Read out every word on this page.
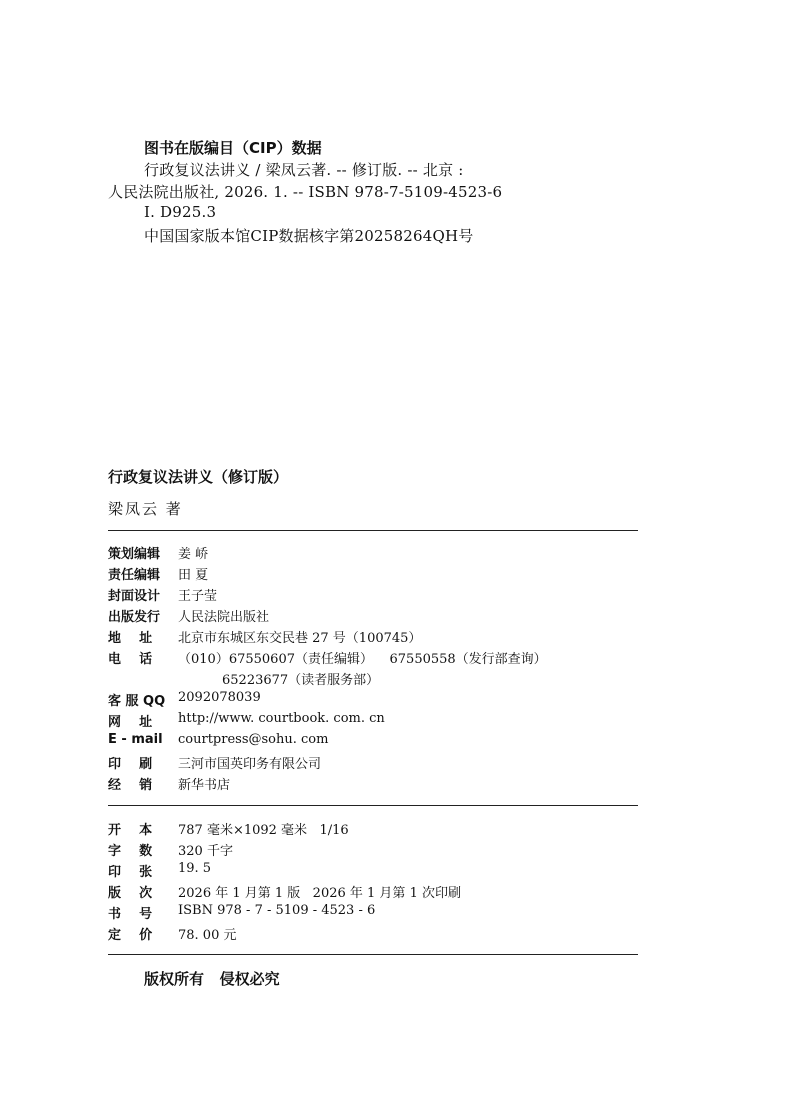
图书在版编目（CIP）数据
行政复议法讲义 / 梁凤云著. -- 修订版. -- 北京 :
人民法院出版社, 2026. 1. -- ISBN 978-7-5109-4523-6
Ⅰ. D925.3
中国国家版本馆CIP数据核字第20258264QH号
行政复议法讲义（修订版）
梁凤云 著
策划编辑 姜 峤
责任编辑 田 夏
封面设计 王子莹
出版发行 人民法院出版社
地    址 北京市东城区东交民巷 27 号（100745）
电    话 （010）67550607（责任编辑）    67550558（发行部查询）
65223677（读者服务部）
客 服 QQ 2092078039
网    址 http://www. courtbook. com. cn
E - mail courtpress@sohu. com
印    刷 三河市国英印务有限公司
经    销 新华书店
开    本 787 毫米×1092 毫米   1/16
字    数 320 千字
印    张 19. 5
版    次 2026 年 1 月第 1 版   2026 年 1 月第 1 次印刷
书    号 ISBN 978 - 7 - 5109 - 4523 - 6
定    价 78. 00 元
版权所有   侵权必究
